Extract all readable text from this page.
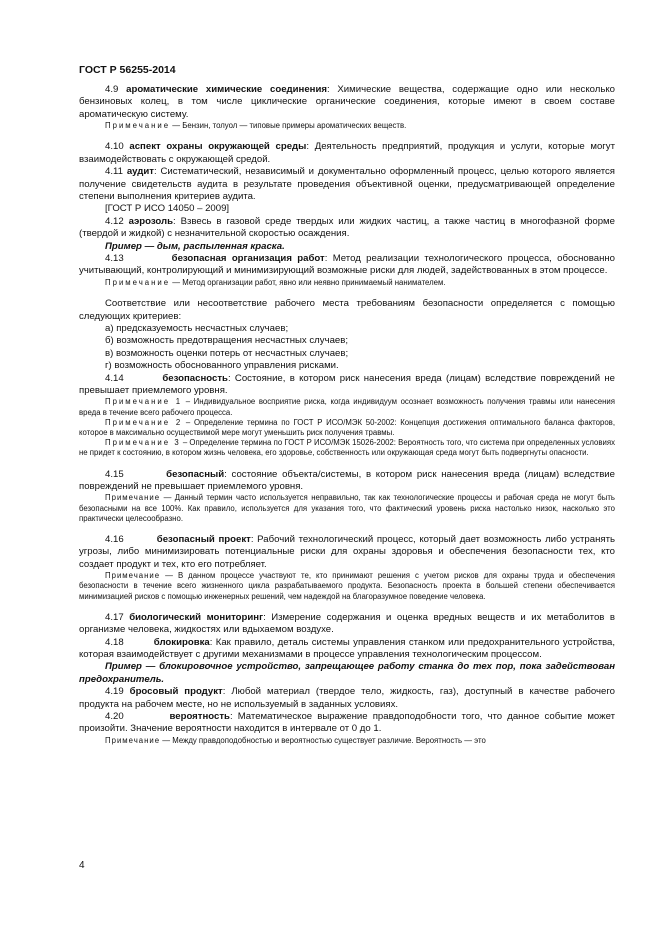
ГОСТ Р 56255-2014

4.9 ароматические химические соединения: Химические вещества, содержащие одно или несколько бензиновых колец, в том числе циклические органические соединения, которые имеют в своем составе ароматическую систему.

Примечание — Бензин, толуол — типовые примеры ароматических веществ.

4.10 аспект охраны окружающей среды: Деятельность предприятий, продукция и услуги, которые могут взаимодействовать с окружающей средой.

4.11 аудит: Систематический, независимый и документально оформленный процесс, целью которого является получение свидетельств аудита в результате проведения объективной оценки, предусматривающей определение степени выполнения критериев аудита.

[ГОСТ Р ИСО 14050 – 2009]

4.12 аэрозоль: Взвесь в газовой среде твердых или жидких частиц, а также частиц в многофазной форме (твердой и жидкой) с незначительной скоростью осаждения.

Пример — дым, распыленная краска.

4.13	безопасная организация работ: Метод реализации технологического процесса, обоснованно учитывающий, контролирующий и минимизирующий возможные риски для людей, задействованных в этом процессе.

Примечание — Метод организации работ, явно или неявно принимаемый нанимателем.

Соответствие или несоответствие рабочего места требованиям безопасности определяется с помощью следующих критериев:

а) предсказуемость несчастных случаев;
б) возможность предотвращения несчастных случаев;
в) возможность оценки потерь от несчастных случаев;
г) возможность обоснованного управления рисками.

4.14	безопасность: Состояние, в котором риск нанесения вреда (лицам) вследствие повреждений не превышает приемлемого уровня.

Примечание 1 – Индивидуальное восприятие риска, когда индивидуум осознает возможность получения травмы или нанесения вреда в течение всего рабочего процесса.

Примечание 2 – Определение термина по ГОСТ Р ИСО/МЭК 50-2002: Концепция достижения оптимального баланса факторов, которое в максимально осуществимой мере могут уменьшить риск получения травмы.

Примечание 3 – Определение термина по ГОСТ Р ИСО/МЭК 15026-2002: Вероятность того, что система при определенных условиях не придет к состоянию, в котором жизнь человека, его здоровье, собственность или окружающая среда могут быть подвергнуты опасности.

4.15	безопасный: состояние объекта/системы, в котором риск нанесения вреда (лицам) вследствие повреждений не превышает приемлемого уровня.

Примечание — Данный термин часто используется неправильно, так как технологические процессы и рабочая среда не могут быть безопасными на все 100%. Как правило, используется для указания того, что фактический уровень риска настолько низок, насколько это практически целесообразно.

4.16	безопасный проект: Рабочий технологический процесс, который дает возможность либо устранять угрозы, либо минимизировать потенциальные риски для охраны здоровья и обеспечения безопасности тех, кто создает продукт и тех, кто его потребляет.

Примечание — В данном процессе участвуют те, кто принимают решения с учетом рисков для охраны труда и обеспечения безопасности в течение всего жизненного цикла разрабатываемого продукта. Безопасность проекта в большей степени обеспечивается минимизацией рисков с помощью инженерных решений, чем надеждой на благоразумное поведение человека.

4.17 биологический мониторинг: Измерение содержания и оценка вредных веществ и их метаболитов в организме человека, жидкостях или вдыхаемом воздухе.

4.18	блокировка: Как правило, деталь системы управления станком или предохранительного устройства, которая взаимодействует с другими механизмами в процессе управления технологическим процессом.

Пример — блокировочное устройство, запрещающее работу станка до тех пор, пока задействован предохранитель.

4.19 бросовый продукт: Любой материал (твердое тело, жидкость, газ), доступный в качестве рабочего продукта на рабочем месте, но не используемый в заданных условиях.

4.20	вероятность: Математическое выражение правдоподобности того, что данное событие может произойти. Значение вероятности находится в интервале от 0 до 1.

Примечание — Между правдоподобностью и вероятностью существует различие. Вероятность — это

4
